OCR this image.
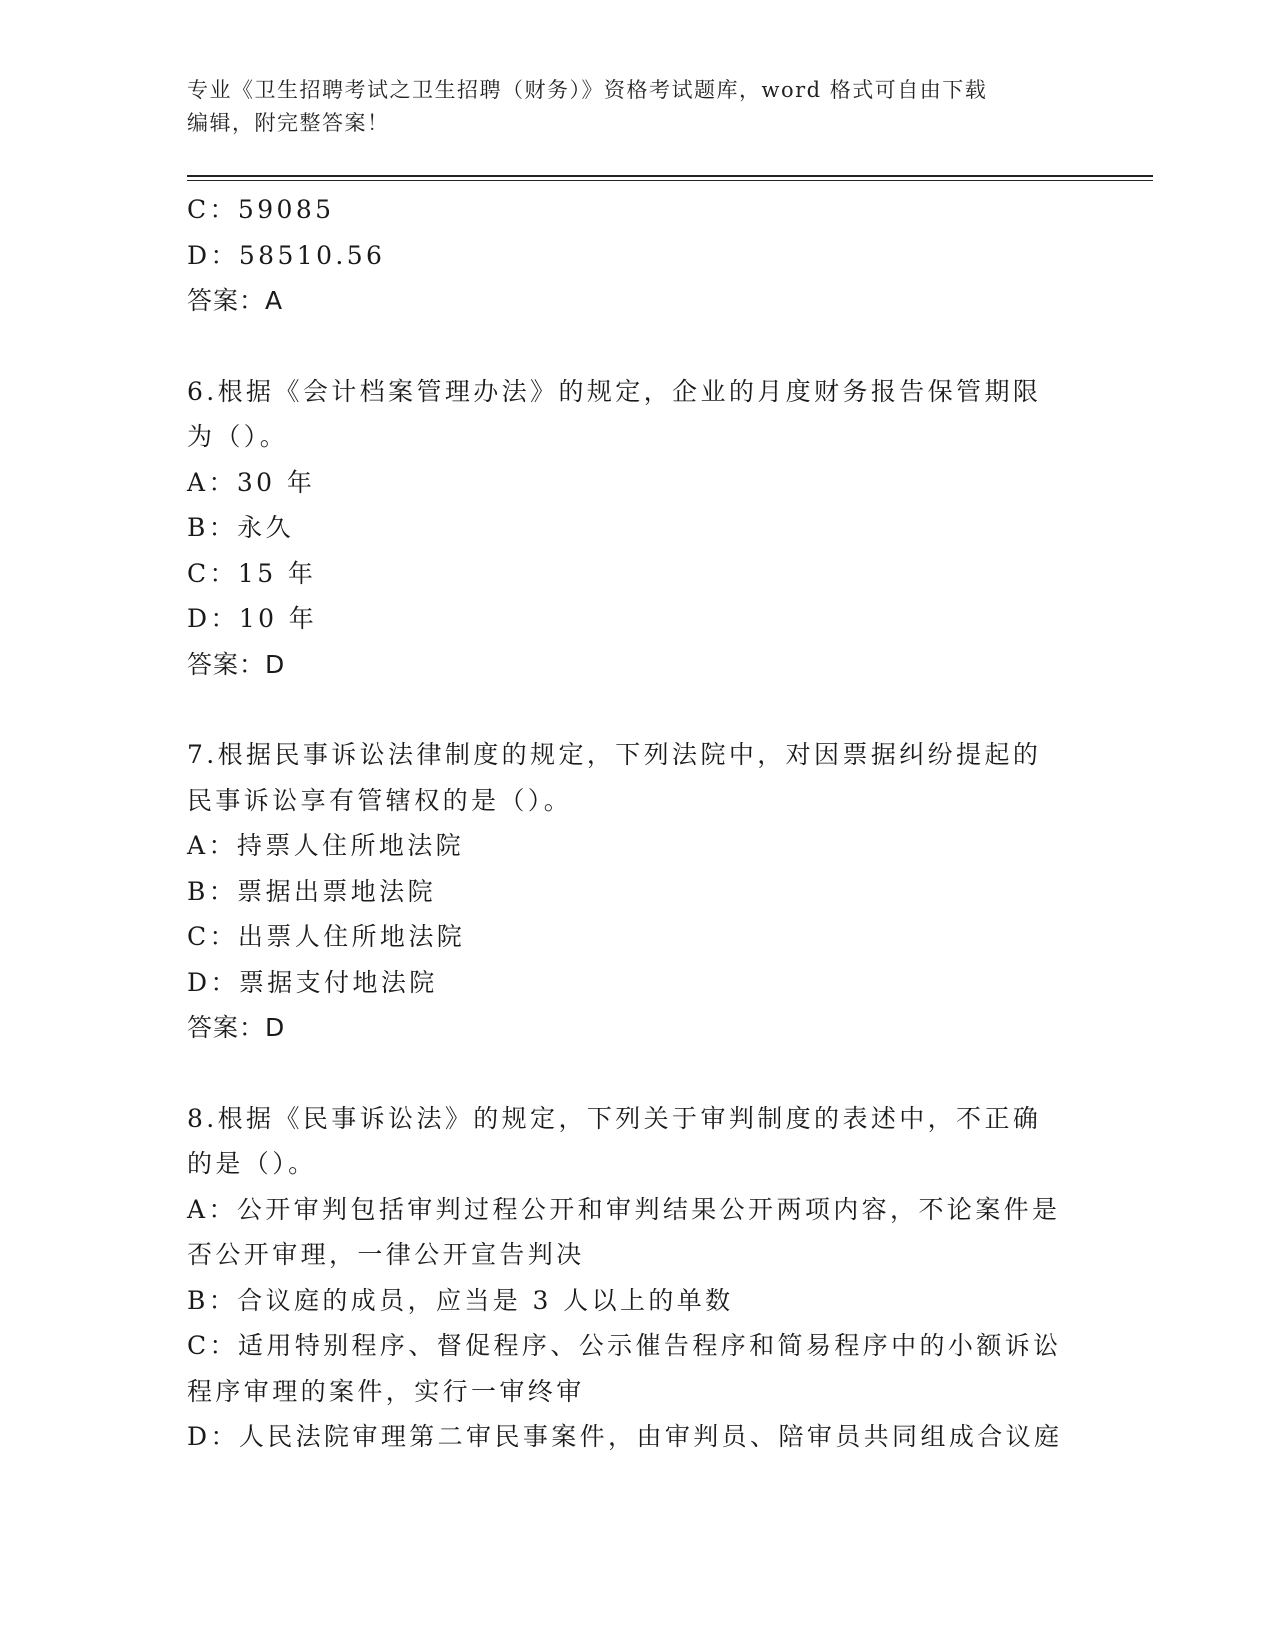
专业《卫生招聘考试之卫生招聘（财务）》资格考试题库，word 格式可自由下载
编辑，附完整答案！
C：59085
D：58510.56
答案：A
6.根据《会计档案管理办法》的规定，企业的月度财务报告保管期限
为（）。
A：30 年
B：永久
C：15 年
D：10 年
答案：D
7.根据民事诉讼法律制度的规定，下列法院中，对因票据纠纷提起的
民事诉讼享有管辖权的是（）。
A：持票人住所地法院
B：票据出票地法院
C：出票人住所地法院
D：票据支付地法院
答案：D
8.根据《民事诉讼法》的规定，下列关于审判制度的表述中，不正确
的是（）。
A：公开审判包括审判过程公开和审判结果公开两项内容，不论案件是
否公开审理，一律公开宣告判决
B：合议庭的成员，应当是 3 人以上的单数
C：适用特别程序、督促程序、公示催告程序和简易程序中的小额诉讼
程序审理的案件，实行一审终审
D：人民法院审理第二审民事案件，由审判员、陪审员共同组成合议庭
